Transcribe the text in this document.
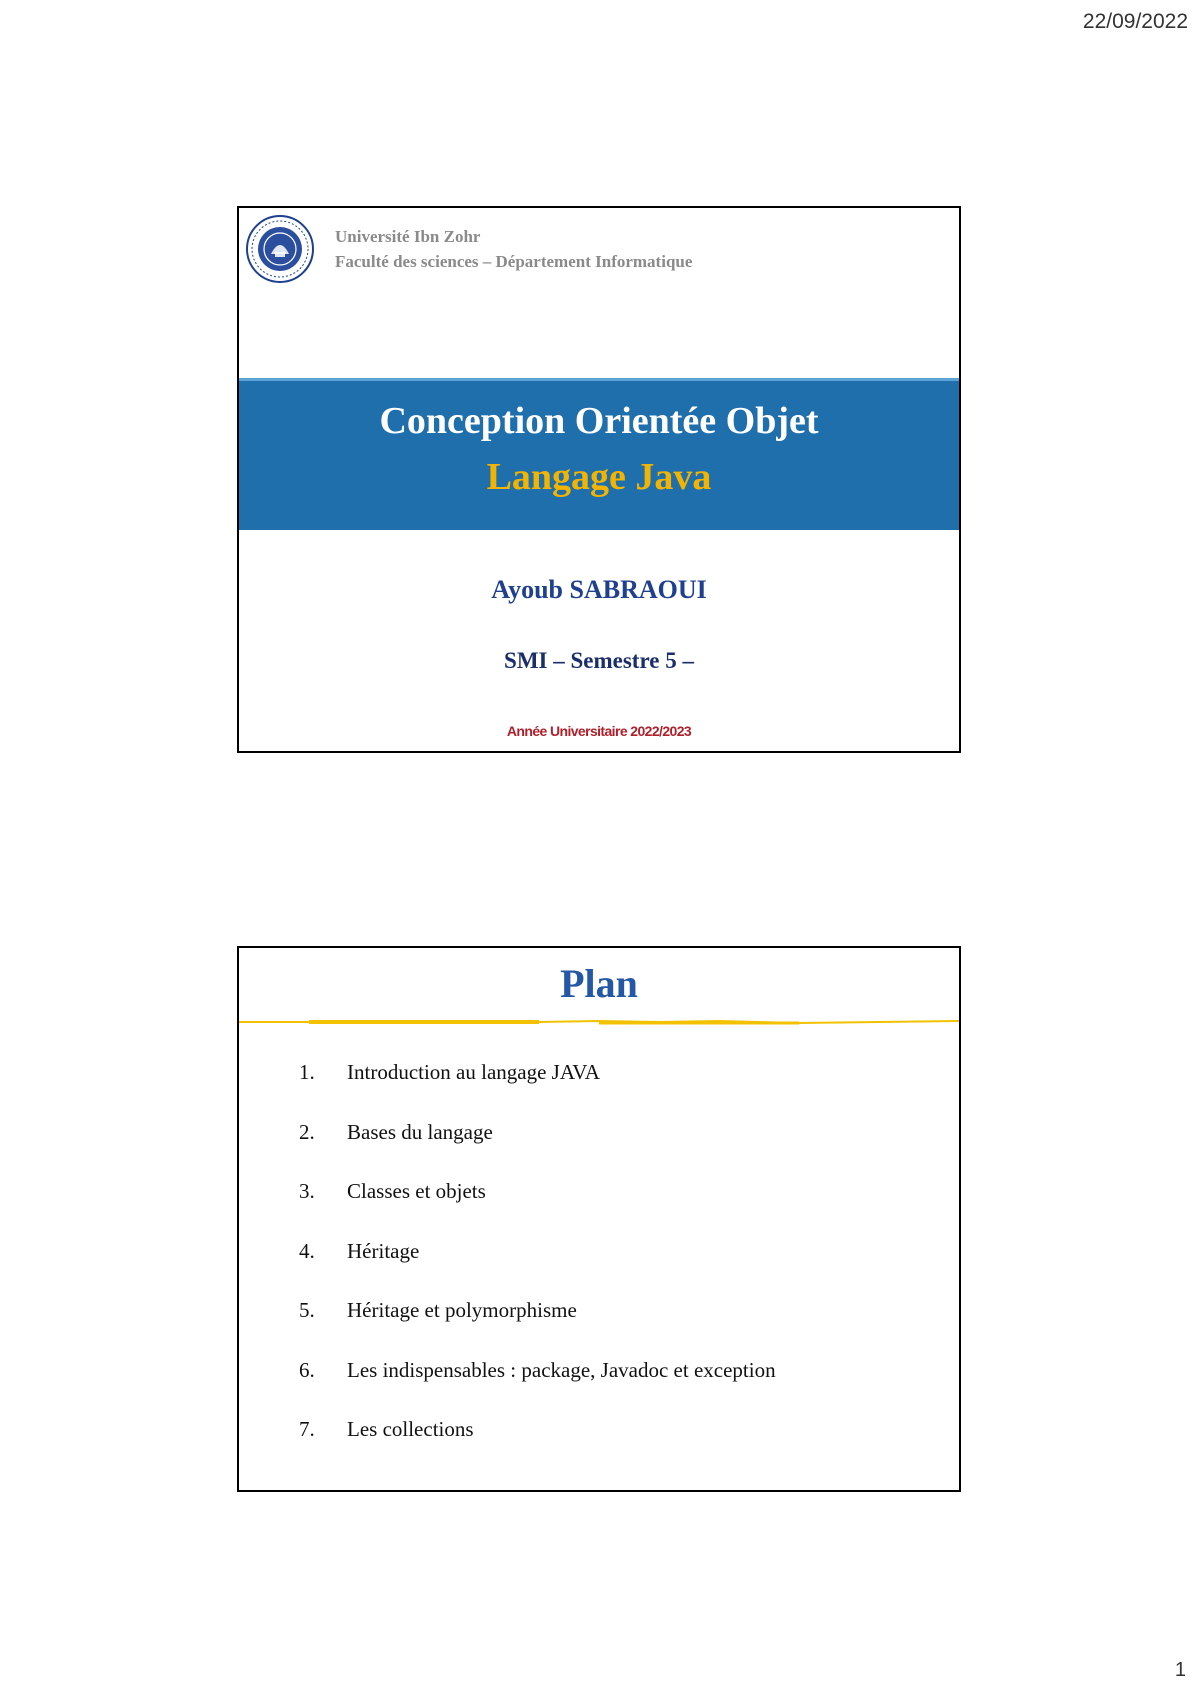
22/09/2022
Université Ibn Zohr
Faculté des sciences – Département Informatique
Conception Orientée Objet
Langage Java
Ayoub SABRAOUI
SMI – Semestre 5 –
Année Universitaire 2022/2023
Plan
1.	Introduction au langage JAVA
2.	Bases du langage
3.	Classes et objets
4.	Héritage
5.	Héritage et polymorphisme
6.	Les indispensables : package, Javadoc et exception
7.	Les collections
1
